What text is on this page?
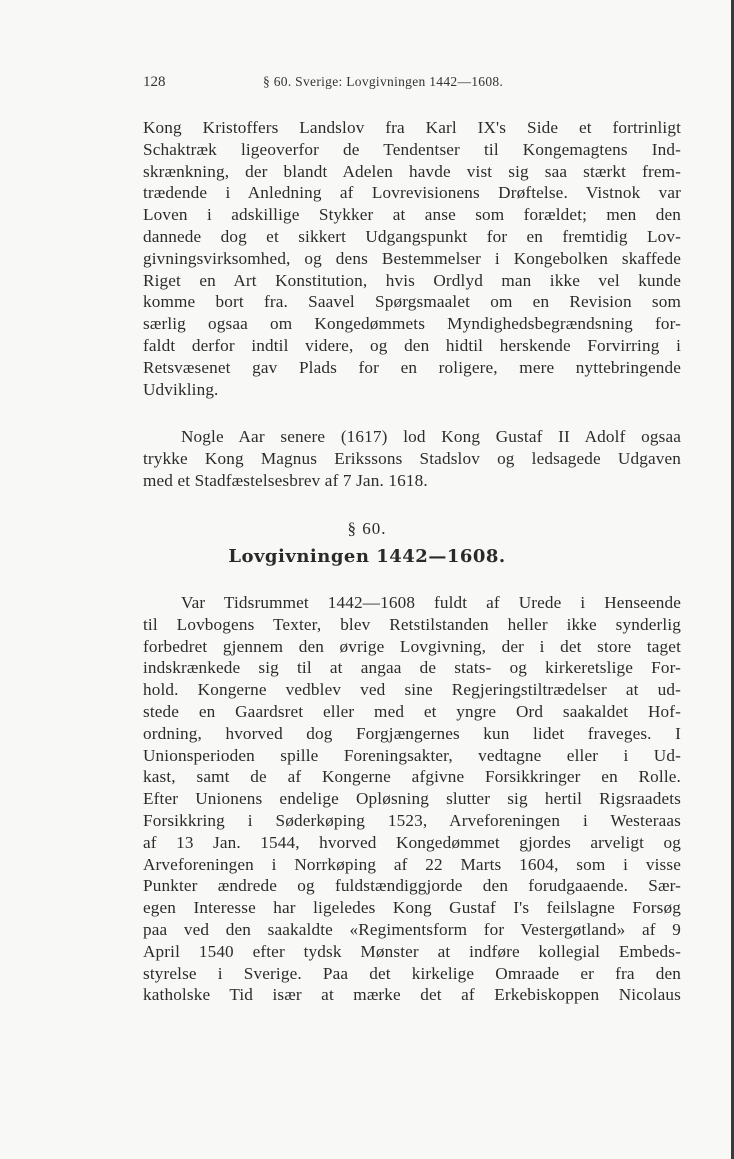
128	§ 60. Sverige: Lovgivningen 1442—1608.
Kong Kristoffers Landslov fra Karl IX's Side et fortrinligt
Schaktræk ligeoverfor de Tendentser til Kongemagtens Ind-
skrænkning, der blandt Adelen havde vist sig saa stærkt frem-
trædende i Anledning af Lovrevisionens Drøftelse. Vistnok var
Loven i adskillige Stykker at anse som forældet; men den
dannede dog et sikkert Udgangspunkt for en fremtidig Lov-
givningsvirksomhed, og dens Bestemmelser i Kongebolken skaffede
Riget en Art Konstitution, hvis Ordlyd man ikke vel kunde
komme bort fra. Saavel Spørgsmaalet om en Revision som
særlig ogsaa om Kongedømmets Myndighedsbegrændsning for-
faldt derfor indtil videre, og den hidtil herskende Forvirring i
Retsvæsenet gav Plads for en roligere, mere nyttebringende
Udvikling.
Nogle Aar senere (1617) lod Kong Gustaf II Adolf ogsaa
trykke Kong Magnus Erikssons Stadslov og ledsagede Udgaven
med et Stadfæstelsesbrev af 7 Jan. 1618.
§ 60.
Lovgivningen 1442—1608.
Var Tidsrummet 1442—1608 fuldt af Urede i Henseende
til Lovbogens Texter, blev Retstilstanden heller ikke synderlig
forbedret gjennem den øvrige Lovgivning, der i det store taget
indskrænkede sig til at angaa de stats- og kirkeretslige For-
hold. Kongerne vedblev ved sine Regjeringstiltrædelser at ud-
stede en Gaardsret eller med et yngre Ord saakaldet Hof-
ordning, hvorved dog Forgjængernes kun lidet fraveges. I
Unionsperioden spille Foreningsakter, vedtagne eller i Ud-
kast, samt de af Kongerne afgivne Forsikkringer en Rolle.
Efter Unionens endelige Opløsning slutter sig hertil Rigsraadets
Forsikkring i Søderkøping 1523, Arveforeningen i Westeraas
af 13 Jan. 1544, hvorved Kongedømmet gjordes arveligt og
Arveforeningen i Norrkøping af 22 Marts 1604, som i visse
Punkter ændrede og fuldstændiggjorde den forudgaaende. Sær-
egen Interesse har ligeledes Kong Gustaf I's feilslagne Forsøg
paa ved den saakaldte «Regimentsform for Vestergøtland» af 9
April 1540 efter tydsk Mønster at indføre kollegial Embeds-
styrelse i Sverige. Paa det kirkelige Omraade er fra den
katholske Tid især at mærke det af Erkebiskoppen Nicolaus
